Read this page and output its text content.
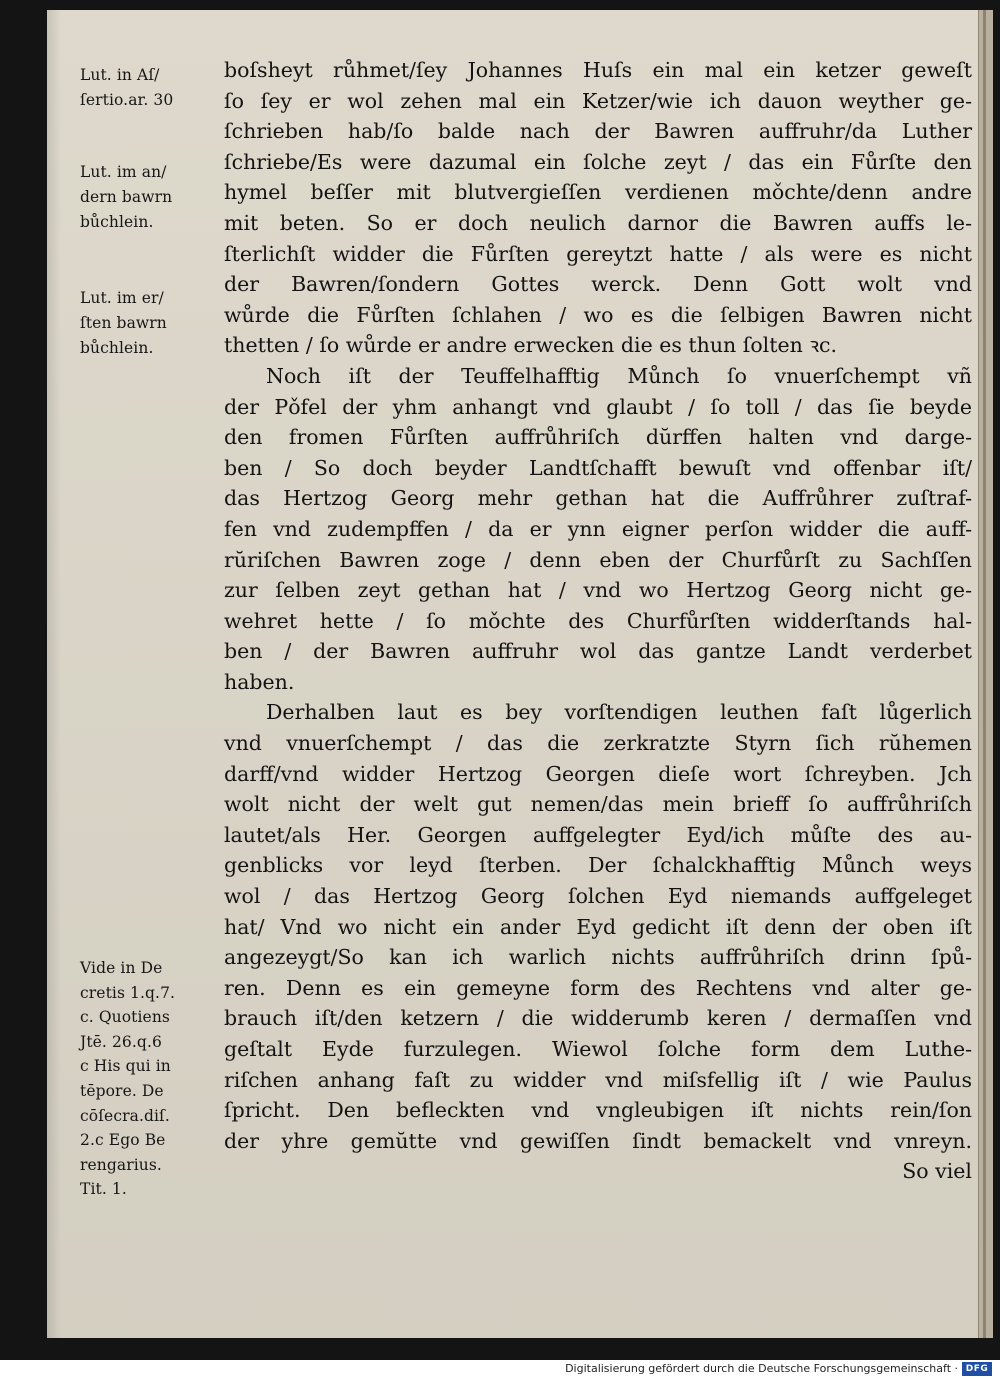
Lut. in Aſ/
ſertio.ar. 30
Lut. im an/
dern bawrn
bůchlein.
Lut. im er/
ſten bawrn
bůchlein.
Vide in De
cretis 1.q.7.
c. Quotiens
Jtē. 26.q.6
c His qui in
tēpore. De
cōſecra.diſ.
2.c Ego Be
rengarius.
Tit. 1.
boſsheyt růhmet/ſey Johannes Huſs ein mal ein ketzer geweſt
ſo ſey er wol zehen mal ein Ketzer/wie ich dauon weyther ge-
ſchrieben hab/ſo balde nach der Bawren auffruhr/da Luther
ſchriebe/Es were dazumal ein ſolche zeyt / das ein Fůrſte den
hymel beſſer mit blutvergieſſen verdienen mǒchte/denn andre
mit beten. So er doch neulich darnor die Bawren auffs le-
ſterlichſt widder die Fůrſten gereytzt hatte / als were es nicht
der Bawren/ſondern Gottes werck. Denn Gott wolt vnd
wůrde die Fůrſten ſchlahen / wo es die ſelbigen Bawren nicht
thetten / ſo wůrde er andre erwecken die es thun ſolten ꝛc.
Noch iſt der Teuffelhafftig Můnch ſo vnuerſchempt vñ
der Pǒfel der yhm anhangt vnd glaubt / ſo toll / das ſie beyde
den fromen Fůrſten auffrůhriſch dŭrffen halten vnd darge-
ben / So doch beyder Landtſchafft bewuſt vnd offenbar iſt/
das Hertzog Georg mehr gethan hat die Auffrůhrer zuſtraf-
fen vnd zudempffen / da er ynn eigner perſon widder die auff-
rŭriſchen Bawren zoge / denn eben der Churfůrſt zu Sachſſen
zur ſelben zeyt gethan hat / vnd wo Hertzog Georg nicht ge-
wehret hette / ſo mǒchte des Churfůrſten widderſtands hal-
ben / der Bawren auffruhr wol das gantze Landt verderbet
haben.
Derhalben laut es bey vorſtendigen leuthen faſt lůgerlich
vnd vnuerſchempt / das die zerkratzte Styrn ſich rŭhemen
darff/vnd widder Hertzog Georgen dieſe wort ſchreyben. Jch
wolt nicht der welt gut nemen/das mein brieff ſo auffrůhriſch
lautet/als Her. Georgen auffgelegter Eyd/ich můſte des au-
genblicks vor leyd ſterben. Der ſchalckhafftig Můnch weys
wol / das Hertzog Georg ſolchen Eyd niemands auffgeleget
hat/ Vnd wo nicht ein ander Eyd gedicht iſt denn der oben iſt
angezeygt/So kan ich warlich nichts auffrůhriſch drinn ſpů-
ren. Denn es ein gemeyne form des Rechtens vnd alter ge-
brauch iſt/den ketzern / die widderumb keren / dermaſſen vnd
geſtalt Eyde furzulegen. Wiewol ſolche form dem Luthe-
riſchen anhang faſt zu widder vnd miſsfellig iſt / wie Paulus
ſpricht. Den befleckten vnd vngleubigen iſt nichts rein/ſon
der yhre gemŭtte vnd gewiſſen ſindt bemackelt vnd vnreyn.
So viel
Digitalisierung gefördert durch die Deutsche Forschungsgemeinschaft · DFG
